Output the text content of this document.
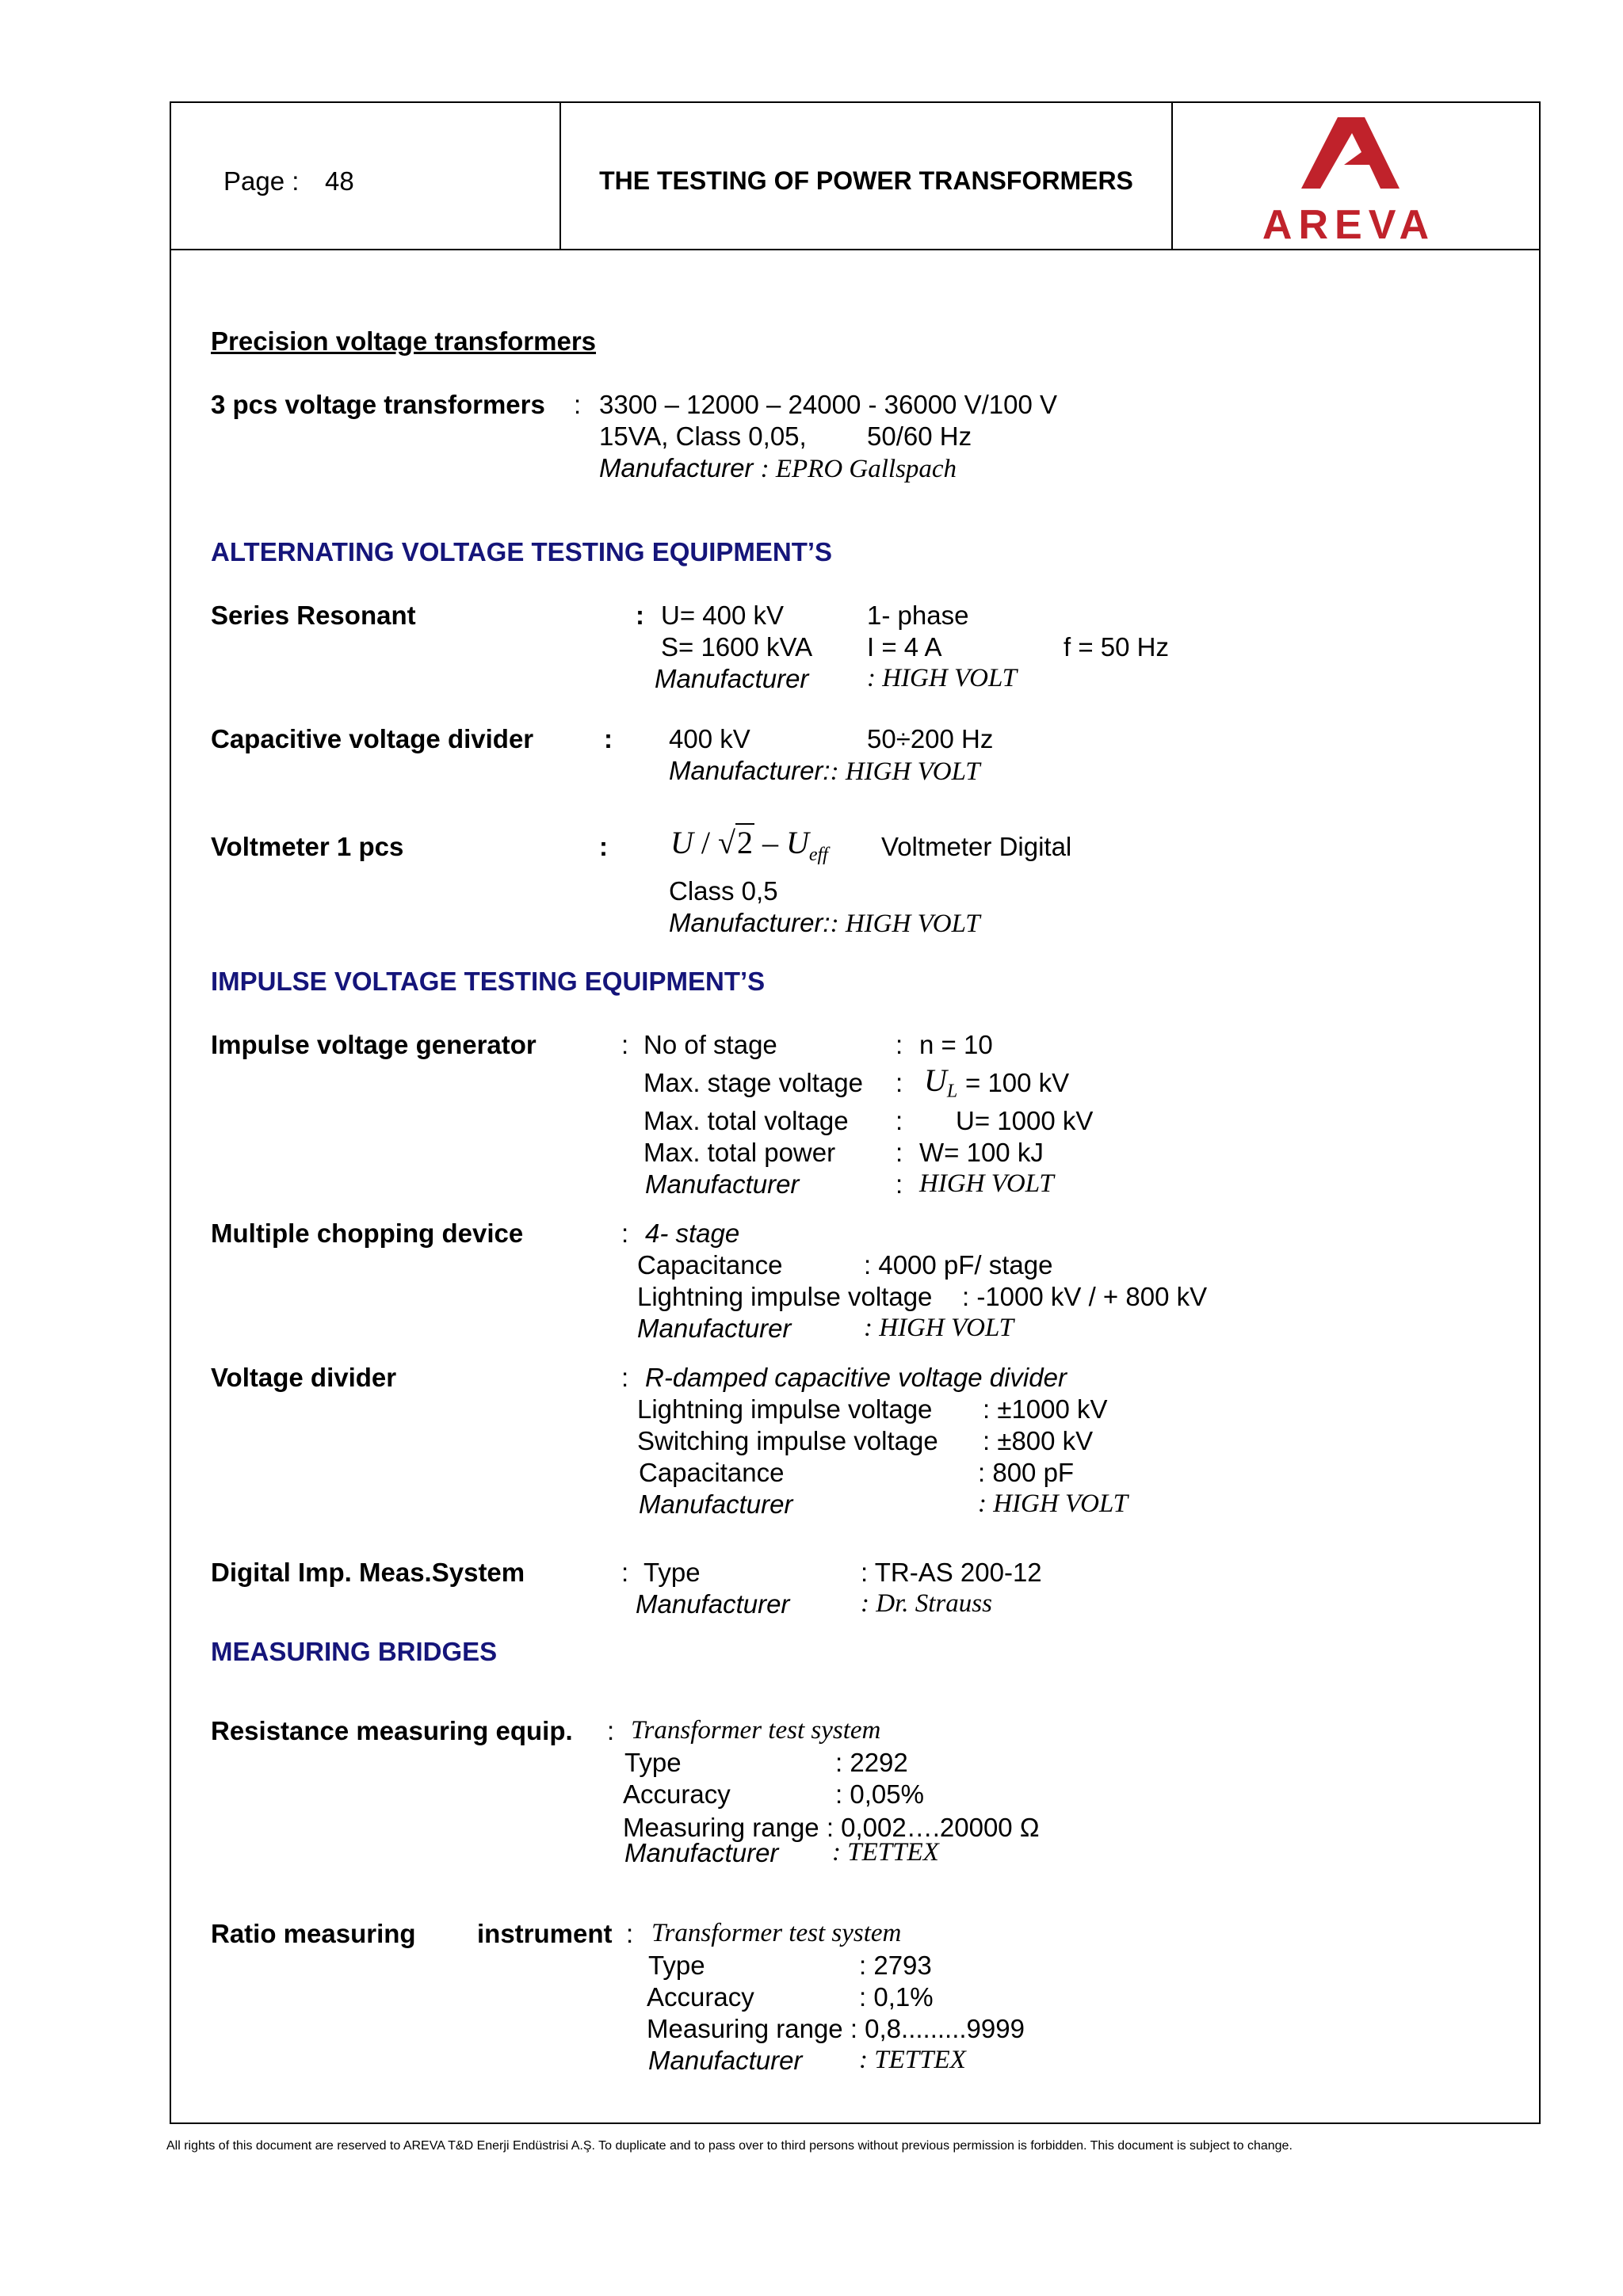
Page : 48	THE TESTING OF POWER TRANSFORMERS
AREVA
Precision voltage transformers
3 pcs voltage transformers : 3300 – 12000 – 24000 - 36000 V/100 V
15VA, Class 0,05, 50/60 Hz
Manufacturer : EPRO Gallspach
ALTERNATING VOLTAGE TESTING EQUIPMENT’S
Series Resonant	: U= 400 kV	1- phase
S= 1600 kVA I = 4 A	f = 50 Hz
Manufacturer : HIGH VOLT
Capacitive voltage divider	: 400 kV	50÷200 Hz
Manufacturer:: HIGH VOLT
Voltmeter 1 pcs	: U / $√2 - U_{eff}$ Voltmeter Digital
Class 0,5
Manufacturer:: HIGH VOLT
IMPULSE VOLTAGE TESTING EQUIPMENT’S
Impulse voltage generator	: No of stage	: n = 10
Max. stage voltage : $U_L = 100$ kV
Max. total voltage : U= 1000 kV
Max. total power : W= 100 kJ
Manufacturer	: HIGH VOLT
Multiple chopping device	: 4- stage
Capacitance	: 4000 pF/ stage
Lightning impulse voltage : -1000 kV / + 800 kV
Manufacturer	: HIGH VOLT
Voltage divider	: R-damped capacitive voltage divider
Lightning impulse voltage : ±1000 kV
Switching impulse voltage : ±800 kV
Capacitance	: 800 pF
Manufacturer	: HIGH VOLT
Digital Imp. Meas.System	: Type	: TR-AS 200-12
Manufacturer	: Dr. Strauss
MEASURING BRIDGES
Resistance measuring equip. : Transformer test system
Type	: 2292
Accuracy	: 0,05%
Measuring range : 0,002….20000 Ω
Manufacturer : TETTEX
Ratio measuring instrument : Transformer test system
Type	: 2793
Accuracy	: 0,1%
Measuring range : 0,8.........9999
Manufacturer : TETTEX
All rights of this document are reserved to AREVA T&D Enerji Endüstrisi A.Ş. To duplicate and to pass over to third persons without previous permission is forbidden. This document is subject to change.
